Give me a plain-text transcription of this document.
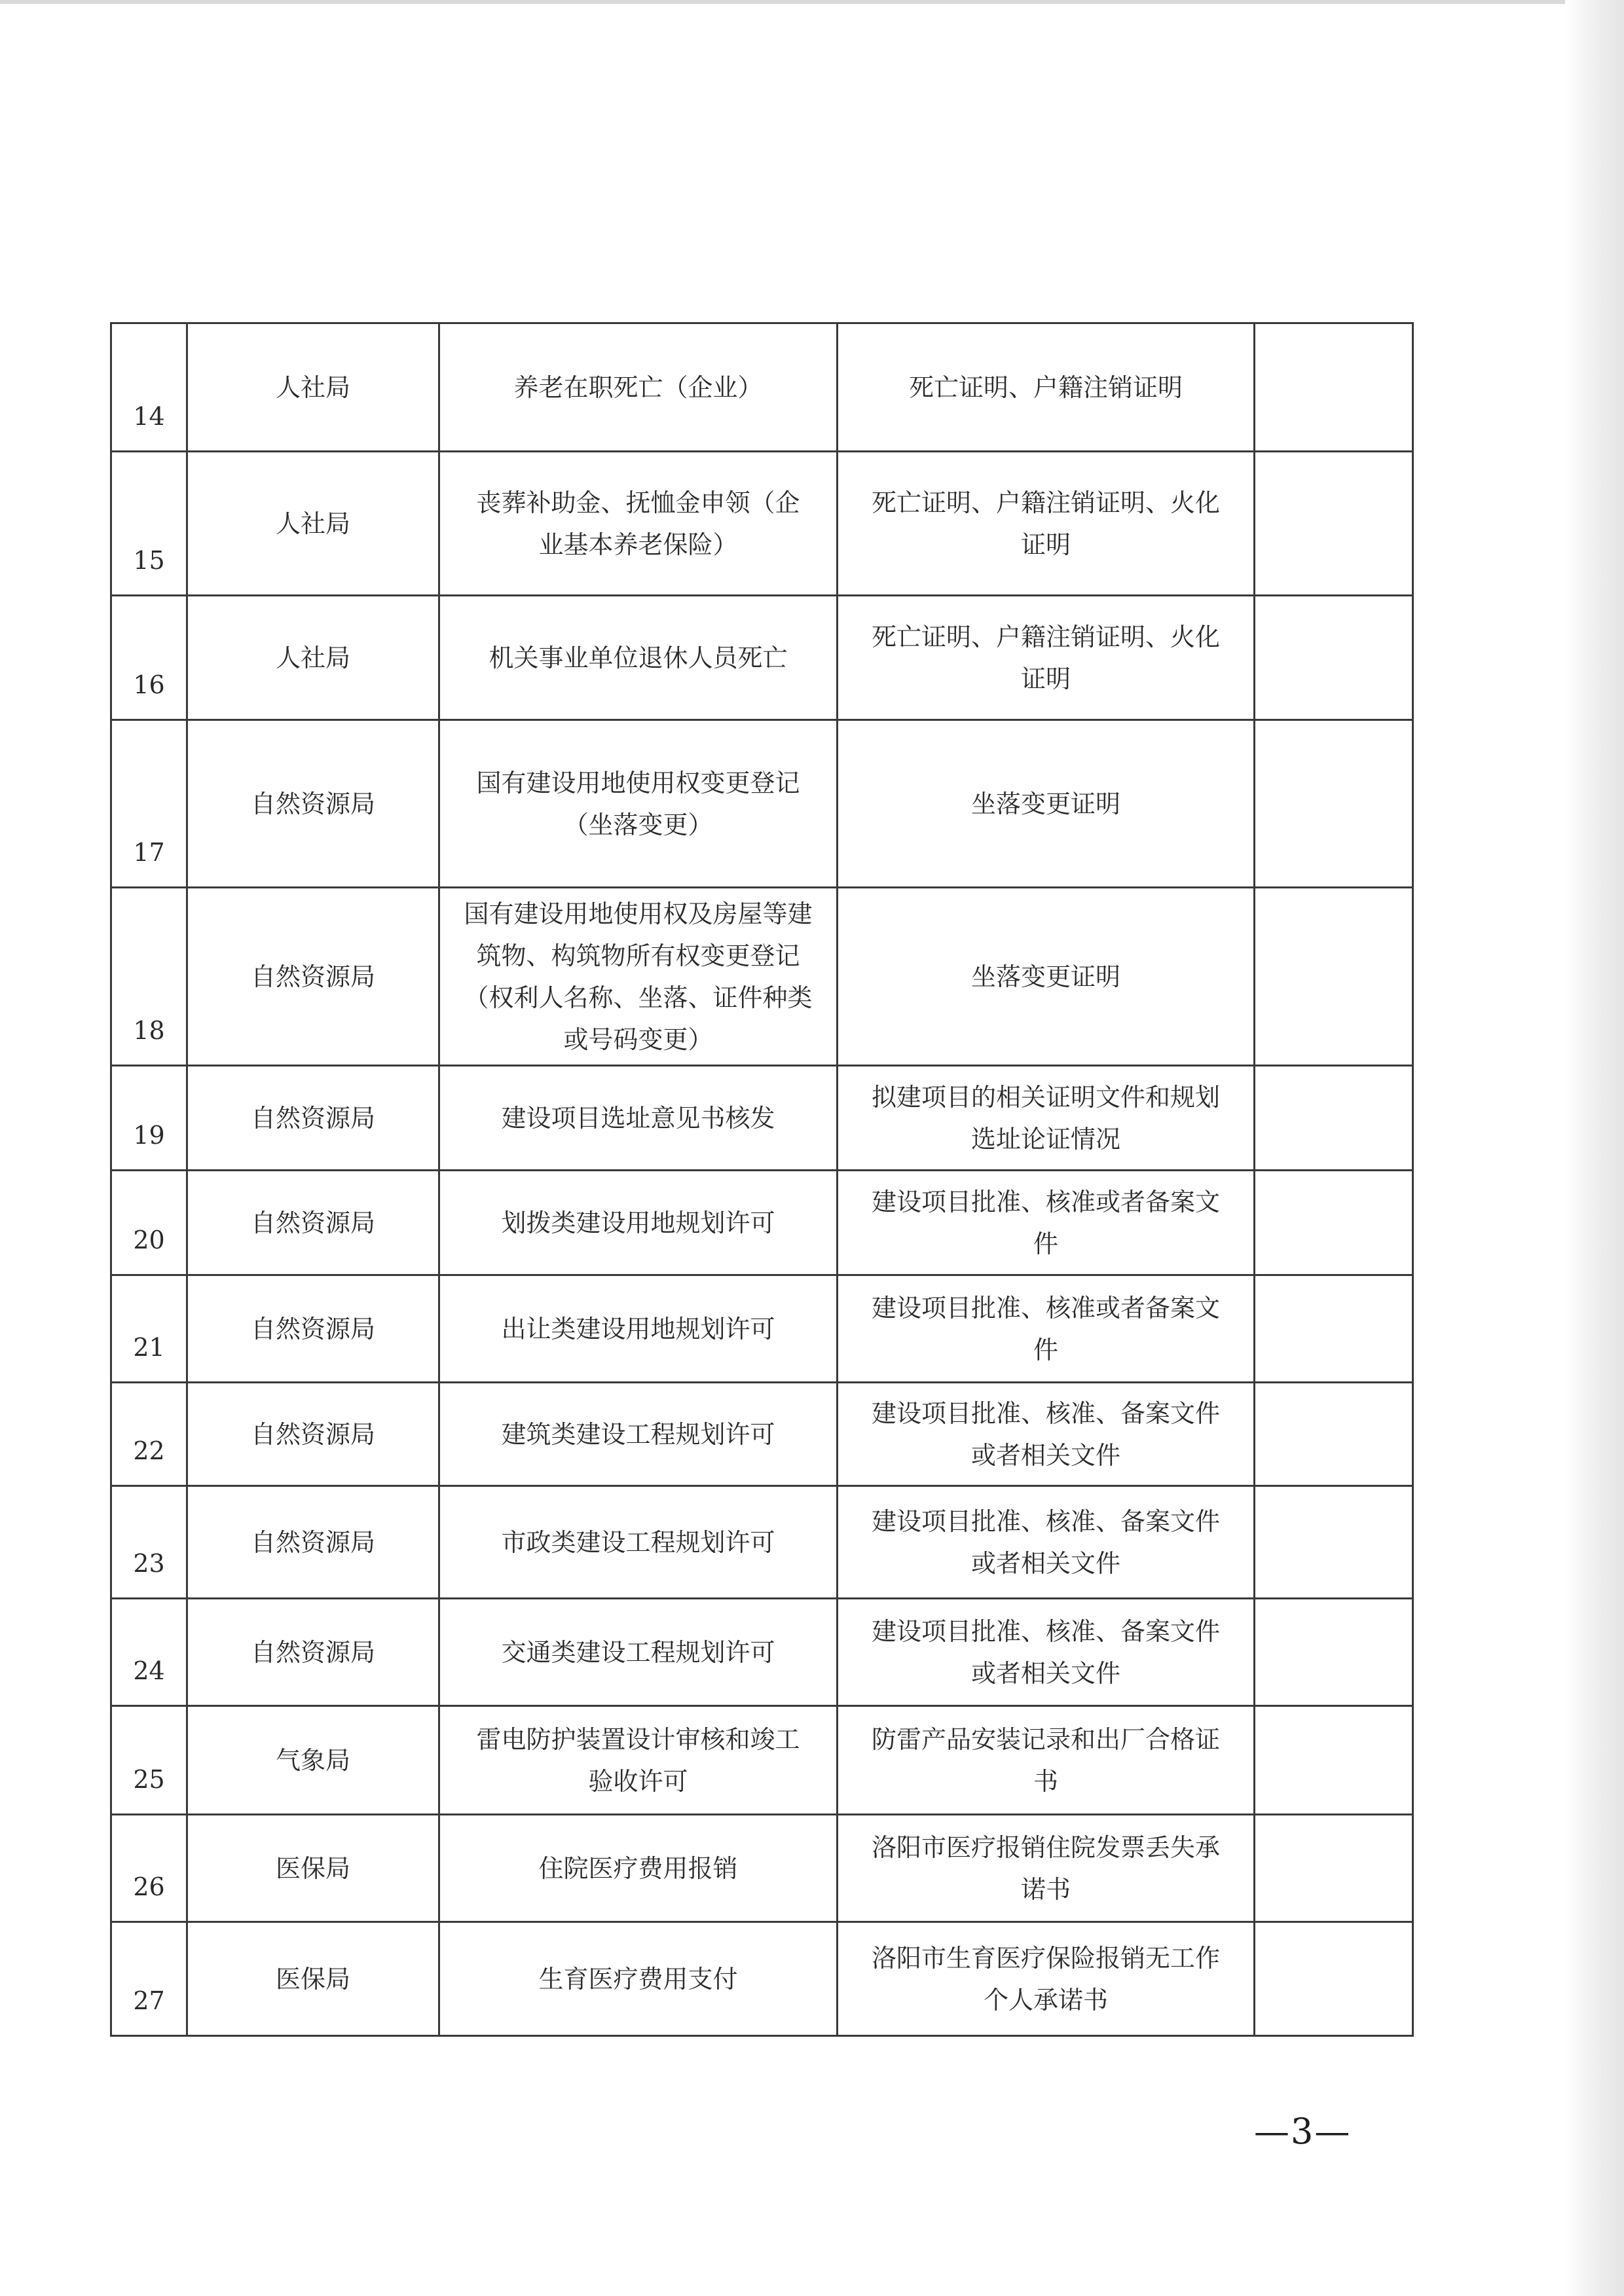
14	人社局	养老在职死亡（企业）	死亡证明、户籍注销证明	
15	人社局	丧葬补助金、抚恤金申领（企业基本养老保险）	死亡证明、户籍注销证明、火化证明	
16	人社局	机关事业单位退休人员死亡	死亡证明、户籍注销证明、火化证明	
17	自然资源局	国有建设用地使用权变更登记（坐落变更）	坐落变更证明	
18	自然资源局	国有建设用地使用权及房屋等建筑物、构筑物所有权变更登记（权利人名称、坐落、证件种类或号码变更）	坐落变更证明	
19	自然资源局	建设项目选址意见书核发	拟建项目的相关证明文件和规划选址论证情况	
20	自然资源局	划拨类建设用地规划许可	建设项目批准、核准或者备案文件	
21	自然资源局	出让类建设用地规划许可	建设项目批准、核准或者备案文件	
22	自然资源局	建筑类建设工程规划许可	建设项目批准、核准、备案文件或者相关文件	
23	自然资源局	市政类建设工程规划许可	建设项目批准、核准、备案文件或者相关文件	
24	自然资源局	交通类建设工程规划许可	建设项目批准、核准、备案文件或者相关文件	
25	气象局	雷电防护装置设计审核和竣工验收许可	防雷产品安装记录和出厂合格证书	
26	医保局	住院医疗费用报销	洛阳市医疗报销住院发票丢失承诺书	
27	医保局	生育医疗费用支付	洛阳市生育医疗保险报销无工作个人承诺书	
—3—
